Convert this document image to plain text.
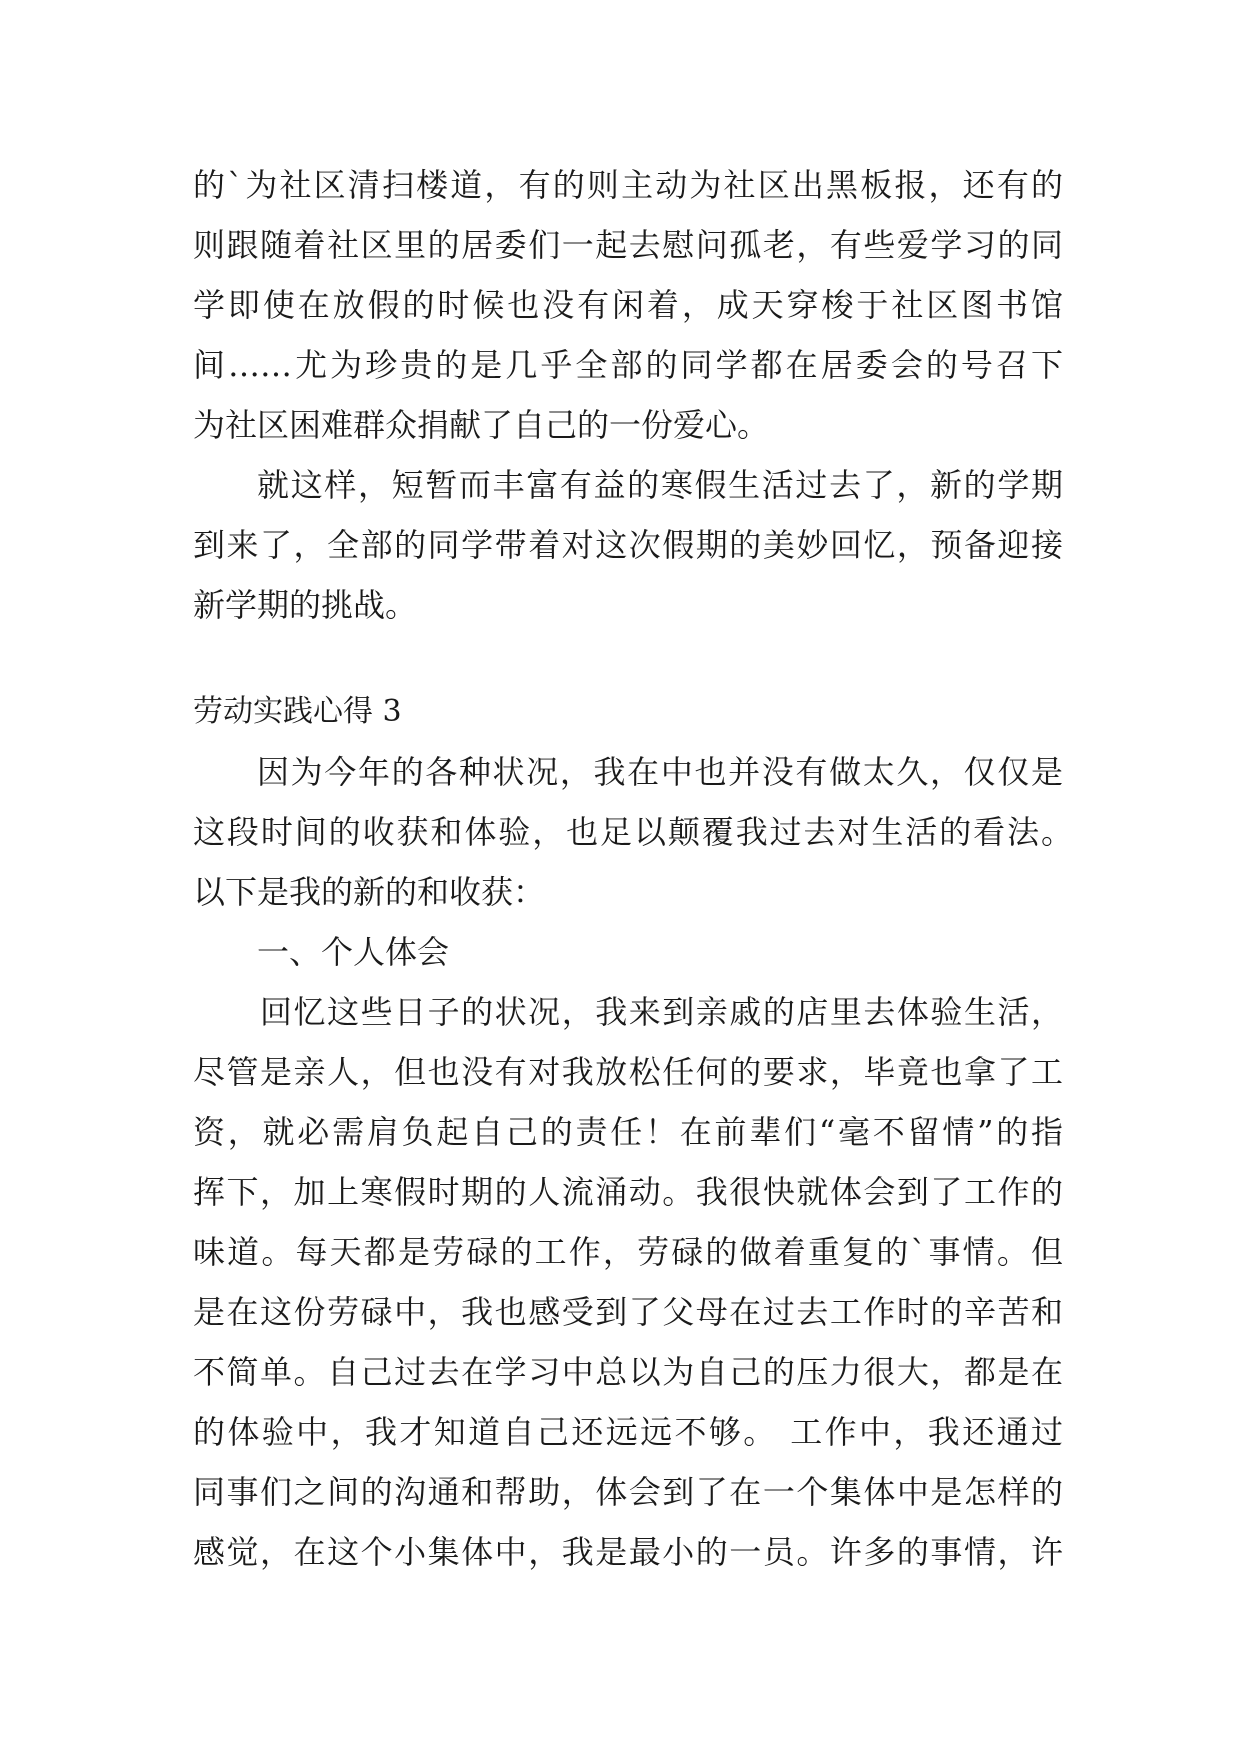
的`为社区清扫楼道，有的则主动为社区出黑板报，还有的
则跟随着社区里的居委们一起去慰问孤老，有些爱学习的同
学即使在放假的时候也没有闲着，成天穿梭于社区图书馆
间……尤为珍贵的是几乎全部的同学都在居委会的号召下
为社区困难群众捐献了自己的一份爱心。
就这样，短暂而丰富有益的寒假生活过去了，新的学期
到来了，全部的同学带着对这次假期的美妙回忆，预备迎接
新学期的挑战。
劳动实践心得 3
因为今年的各种状况，我在中也并没有做太久，仅仅是
这段时间的收获和体验，也足以颠覆我过去对生活的看法。
以下是我的新的和收获：
一、个人体会
回忆这些日子的状况，我来到亲戚的店里去体验生活，
尽管是亲人，但也没有对我放松任何的要求，毕竟也拿了工
资，就必需肩负起自己的责任！在前辈们“毫不留情”的指
挥下，加上寒假时期的人流涌动。我很快就体会到了工作的
味道。每天都是劳碌的工作，劳碌的做着重复的`事情。但
是在这份劳碌中，我也感受到了父母在过去工作时的辛苦和
不简单。自己过去在学习中总以为自己的压力很大，都是在
的体验中，我才知道自己还远远不够。 工作中，我还通过
同事们之间的沟通和帮助，体会到了在一个集体中是怎样的
感觉，在这个小集体中，我是最小的一员。许多的事情，许
